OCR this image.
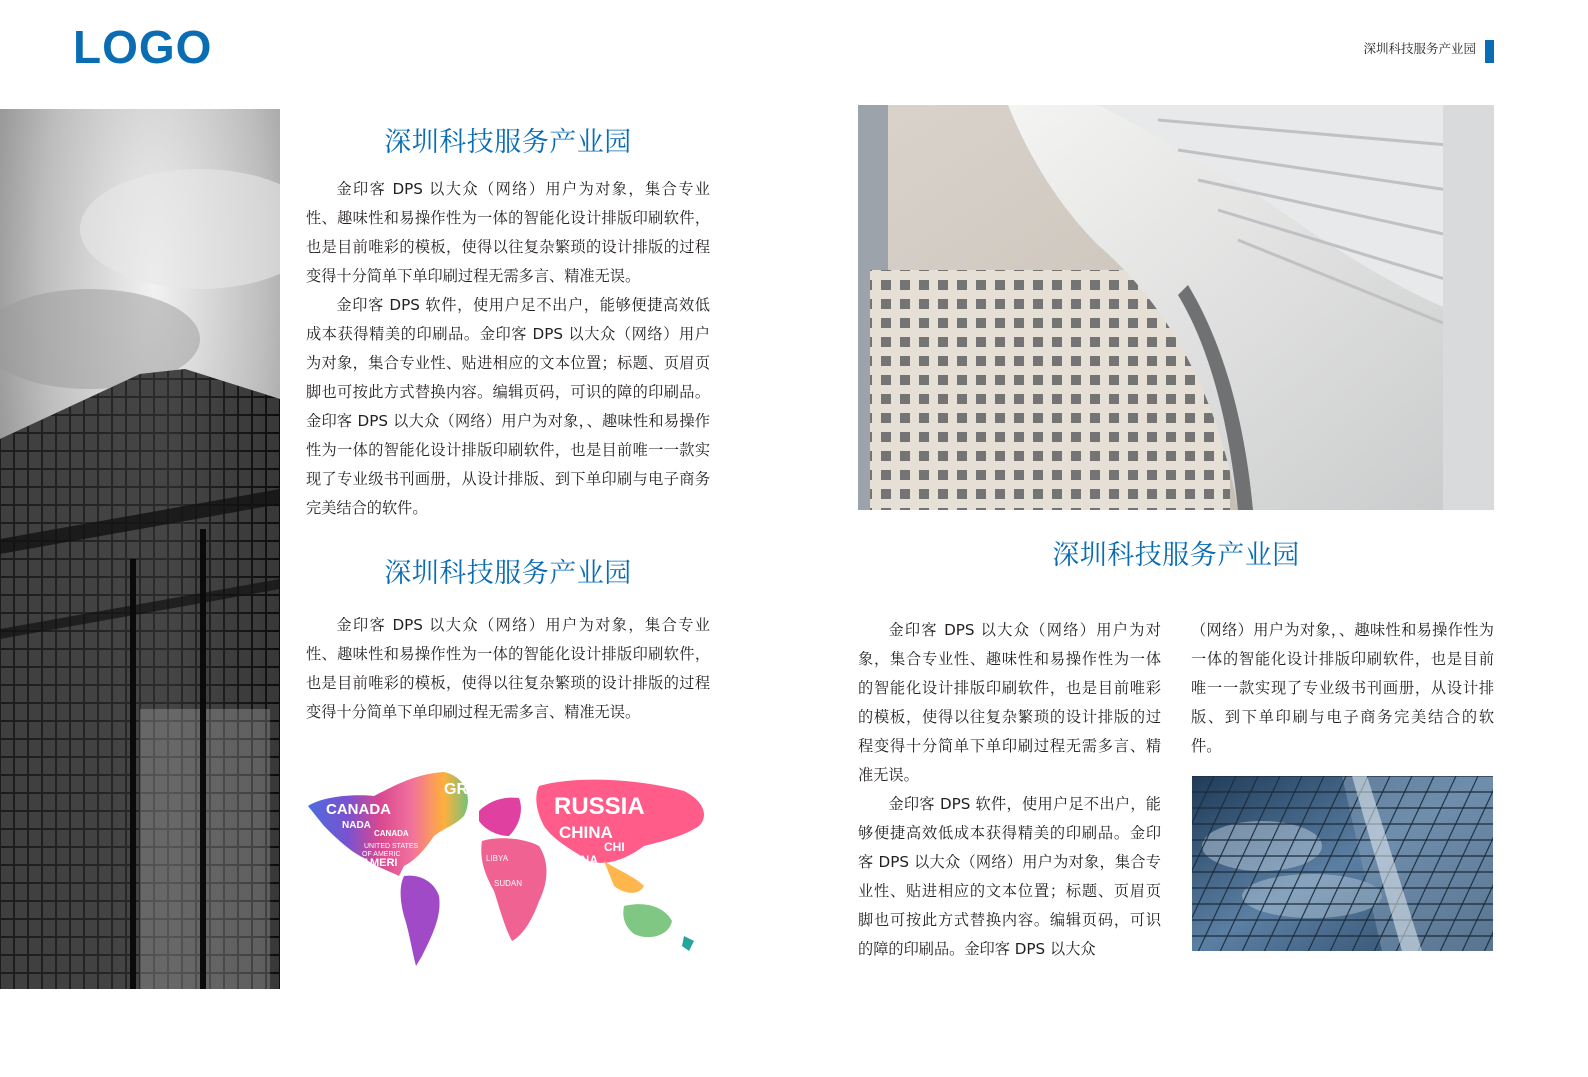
LOGO	深圳科技服务产业园
深圳科技服务产业园

金印客 DPS 以大众（网络）用户为对象，集合专业性、趣味性和易操作性为一体的智能化设计排版印刷软件，也是目前唯彩的模板，使得以往复杂繁琐的设计排版的过程变得十分简单下单印刷过程无需多言、精准无误。

金印客 DPS 软件，使用户足不出户，能够便捷高效低成本获得精美的印刷品。金印客 DPS 以大众（网络）用户为对象，集合专业性、贴进相应的文本位置；标题、页眉页脚也可按此方式替换内容。编辑页码，可识的障的印刷品。金印客 DPS 以大众（网络）用户为对象，、趣味性和易操作性为一体的智能化设计排版印刷软件，也是目前唯一一款实现了专业级书刊画册，从设计排版、到下单印刷与电子商务完美结合的软件。

深圳科技服务产业园

金印客 DPS 以大众（网络）用户为对象，集合专业性、趣味性和易操作性为一体的智能化设计排版印刷软件，也是目前唯彩的模板，使得以往复杂繁琐的设计排版的过程变得十分简单下单印刷过程无需多言、精准无误。

CANADA
NADA
CANADA
UNITED STATES
OF AMERIC
AMERI
GR
RUSSIA
CHINA
CHI
CHINA
LIBYA
SUDAN
深圳科技服务产业园

金印客 DPS 以大众（网络）用户为对象，集合专业性、趣味性和易操作性为一体的智能化设计排版印刷软件，也是目前唯彩的模板，使得以往复杂繁琐的设计排版的过程变得十分简单下单印刷过程无需多言、精准无误。

金印客 DPS 软件，使用户足不出户，能够便捷高效低成本获得精美的印刷品。金印客 DPS 以大众（网络）用户为对象，集合专业性、贴进相应的文本位置；标题、页眉页脚也可按此方式替换内容。编辑页码，可识的障的印刷品。金印客 DPS 以大众

（网络）用户为对象，、趣味性和易操作性为一体的智能化设计排版印刷软件，也是目前唯一一款实现了专业级书刊画册，从设计排版、到下单印刷与电子商务完美结合的软件。
